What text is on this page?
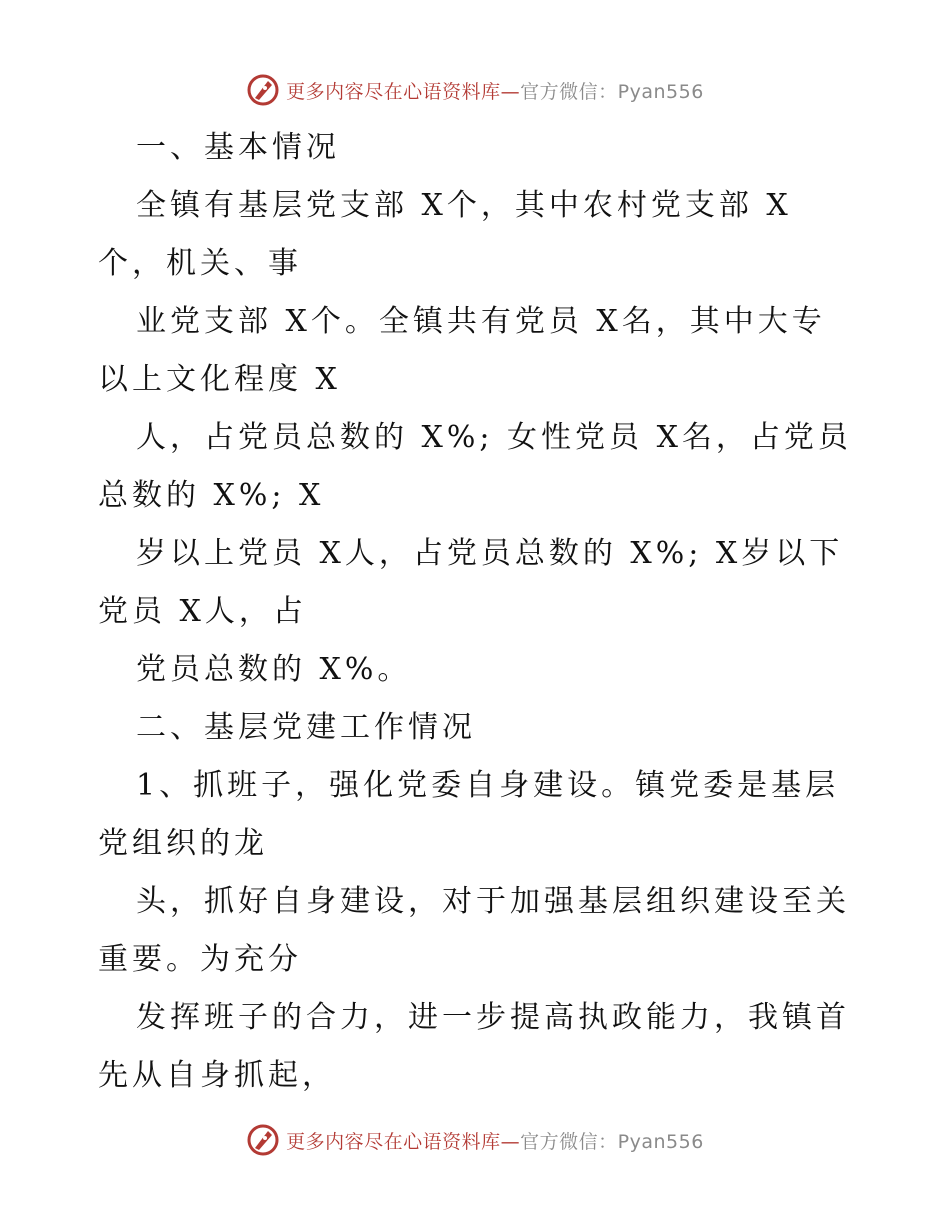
更多内容尽在心语资料库—官方微信：Pyan556
一、基本情况
全镇有基层党支部 X个，其中农村党支部 X
个，机关、事
业党支部 X个。全镇共有党员 X名，其中大专
以上文化程度 X
人，占党员总数的 X%; 女性党员 X名，占党员
总数的 X%; X
岁以上党员 X人，占党员总数的 X%; X岁以下
党员 X人，占
党员总数的 X%。
二、基层党建工作情况
1、抓班子，强化党委自身建设。镇党委是基层
党组织的龙
头，抓好自身建设，对于加强基层组织建设至关
重要。为充分
发挥班子的合力，进一步提高执政能力，我镇首
先从自身抓起，
更多内容尽在心语资料库—官方微信：Pyan556
